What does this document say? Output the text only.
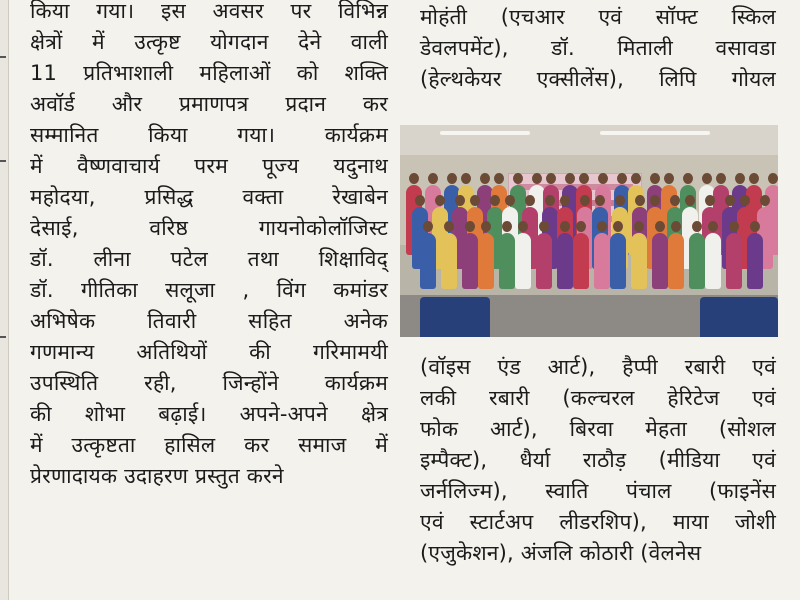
किया गया। इस अवसर पर विभिन्न
क्षेत्रों में उत्कृष्ट योगदान देने वाली
11 प्रतिभाशाली महिलाओं को शक्ति
अवॉर्ड और प्रमाणपत्र प्रदान कर
सम्मानित किया गया। कार्यक्रम
में वैष्णवाचार्य परम पूज्य यदुनाथ
महोदया, प्रसिद्ध वक्ता रेखाबेन
देसाई, वरिष्ठ गायनोकोलॉजिस्ट
डॉ. लीना पटेल तथा शिक्षाविद्
डॉ. गीतिका सलूजा , विंग कमांडर
अभिषेक तिवारी सहित अनेक
गणमान्य अतिथियों की गरिमामयी
उपस्थिति रही, जिन्होंने कार्यक्रम
की शोभा बढ़ाई। अपने-अपने क्षेत्र
में उत्कृष्टता हासिल कर समाज में
प्रेरणादायक उदाहरण प्रस्तुत करने
मोहंती (एचआर एवं सॉफ्ट स्किल
डेवलपमेंट), डॉ. मिताली वसावडा
(हेल्थकेयर एक्सीलेंस), लिपि गोयल
(वॉइस एंड आर्ट), हैप्पी रबारी एवं
लकी रबारी (कल्चरल हेरिटेज एवं
फोक आर्ट), बिरवा मेहता (सोशल
इम्पैक्ट), धैर्या राठौड़ (मीडिया एवं
जर्नलिज्म), स्वाति पंचाल (फाइनेंस
एवं स्टार्टअप लीडरशिप), माया जोशी
(एजुकेशन), अंजलि कोठारी (वेलनेस
